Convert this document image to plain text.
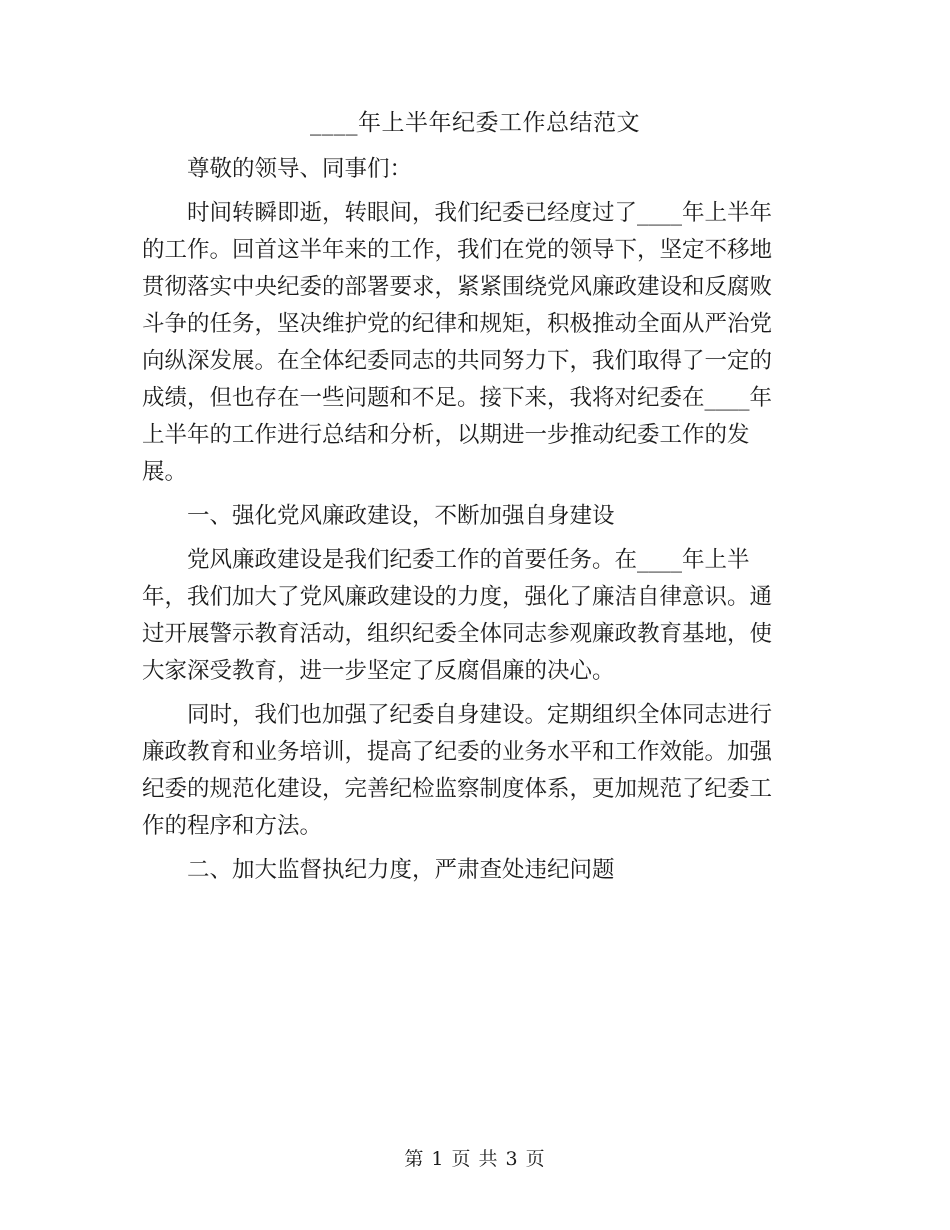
____年上半年纪委工作总结范文

尊敬的领导、同事们：

时间转瞬即逝，转眼间，我们纪委已经度过了____年上半年
的工作。回首这半年来的工作，我们在党的领导下，坚定不移地
贯彻落实中央纪委的部署要求，紧紧围绕党风廉政建设和反腐败
斗争的任务，坚决维护党的纪律和规矩，积极推动全面从严治党
向纵深发展。在全体纪委同志的共同努力下，我们取得了一定的
成绩，但也存在一些问题和不足。接下来，我将对纪委在____年
上半年的工作进行总结和分析，以期进一步推动纪委工作的发
展。

一、强化党风廉政建设，不断加强自身建设

党风廉政建设是我们纪委工作的首要任务。在____年上半
年，我们加大了党风廉政建设的力度，强化了廉洁自律意识。通
过开展警示教育活动，组织纪委全体同志参观廉政教育基地，使
大家深受教育，进一步坚定了反腐倡廉的决心。

同时，我们也加强了纪委自身建设。定期组织全体同志进行
廉政教育和业务培训，提高了纪委的业务水平和工作效能。加强
纪委的规范化建设，完善纪检监察制度体系，更加规范了纪委工
作的程序和方法。

二、加大监督执纪力度，严肃查处违纪问题

第 1 页 共 3 页
